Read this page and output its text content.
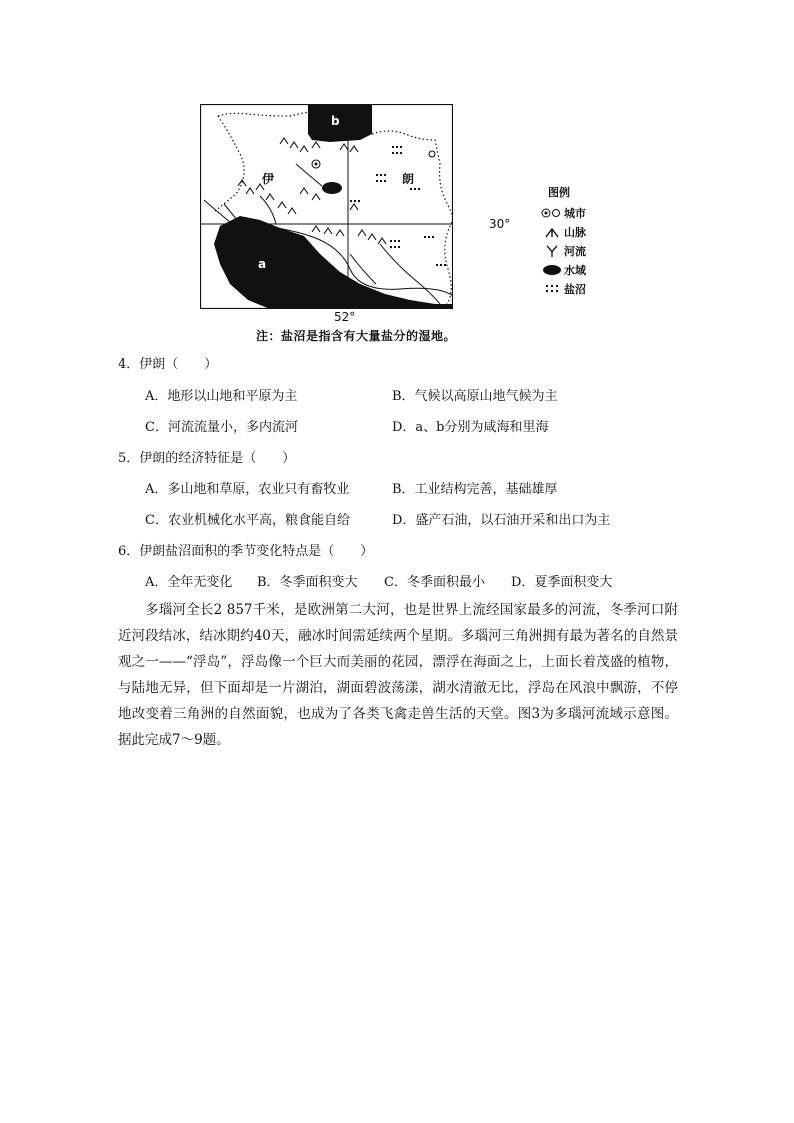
b
a
伊	朗
30°
52°
图例
城市
山脉
河流
水域
盐沼
注：盐沼是指含有大量盐分的湿地。
4．伊朗（　　）
A．地形以山地和平原为主	B．气候以高原山地气候为主
C．河流流量小，多内流河	D．a、b分别为咸海和里海
5．伊朗的经济特征是（　　）
A．多山地和草原，农业只有畜牧业	B．工业结构完善，基础雄厚
C．农业机械化水平高，粮食能自给	D．盛产石油，以石油开采和出口为主
6．伊朗盐沼面积的季节变化特点是（　　）
A．全年无变化 B．冬季面积变大 C．冬季面积最小 D．夏季面积变大

多瑙河全长2 857千米，是欧洲第二大河，也是世界上流经国家最多的河流，冬季河口附近河段结冰，结冰期约40天，融冰时间需延续两个星期。多瑙河三角洲拥有最为著名的自然景观之一——“浮岛”，浮岛像一个巨大而美丽的花园，漂浮在海面之上，上面长着茂盛的植物，与陆地无异，但下面却是一片湖泊，湖面碧波荡漾，湖水清澈无比，浮岛在风浪中飘游，不停地改变着三角洲的自然面貌，也成为了各类飞禽走兽生活的天堂。图3为多瑙河流域示意图。据此完成7～9题。
